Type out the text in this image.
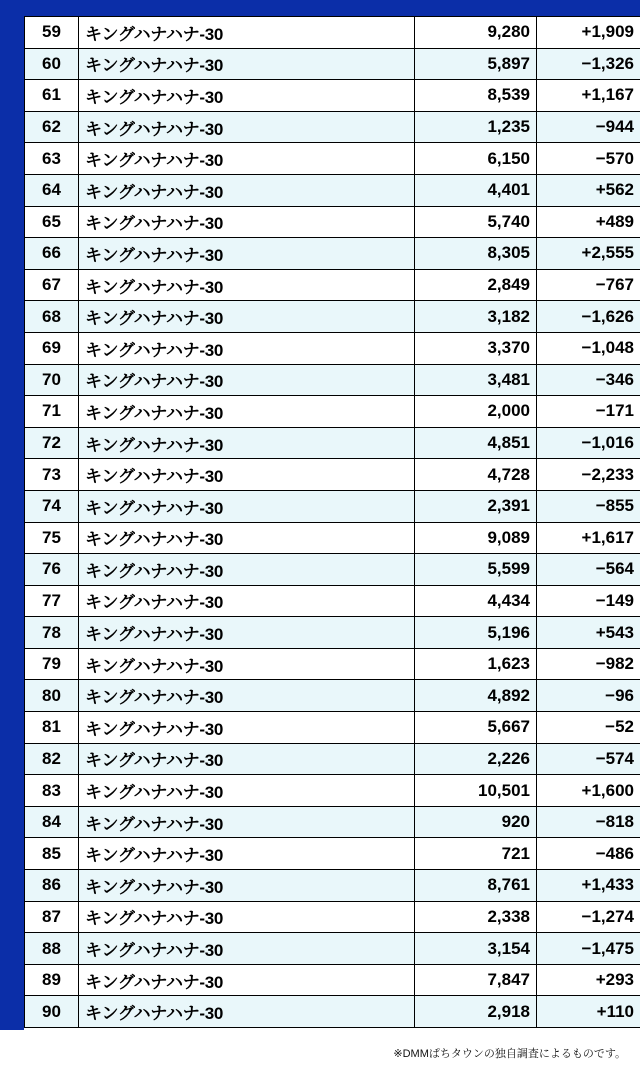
59	キングハナハナ-30	9,280	+1,909
60	キングハナハナ-30	5,897	−1,326
61	キングハナハナ-30	8,539	+1,167
62	キングハナハナ-30	1,235	−944
63	キングハナハナ-30	6,150	−570
64	キングハナハナ-30	4,401	+562
65	キングハナハナ-30	5,740	+489
66	キングハナハナ-30	8,305	+2,555
67	キングハナハナ-30	2,849	−767
68	キングハナハナ-30	3,182	−1,626
69	キングハナハナ-30	3,370	−1,048
70	キングハナハナ-30	3,481	−346
71	キングハナハナ-30	2,000	−171
72	キングハナハナ-30	4,851	−1,016
73	キングハナハナ-30	4,728	−2,233
74	キングハナハナ-30	2,391	−855
75	キングハナハナ-30	9,089	+1,617
76	キングハナハナ-30	5,599	−564
77	キングハナハナ-30	4,434	−149
78	キングハナハナ-30	5,196	+543
79	キングハナハナ-30	1,623	−982
80	キングハナハナ-30	4,892	−96
81	キングハナハナ-30	5,667	−52
82	キングハナハナ-30	2,226	−574
83	キングハナハナ-30	10,501	+1,600
84	キングハナハナ-30	920	−818
85	キングハナハナ-30	721	−486
86	キングハナハナ-30	8,761	+1,433
87	キングハナハナ-30	2,338	−1,274
88	キングハナハナ-30	3,154	−1,475
89	キングハナハナ-30	7,847	+293
90	キングハナハナ-30	2,918	+110
※DMMぱちタウンの独自調査によるものです。
